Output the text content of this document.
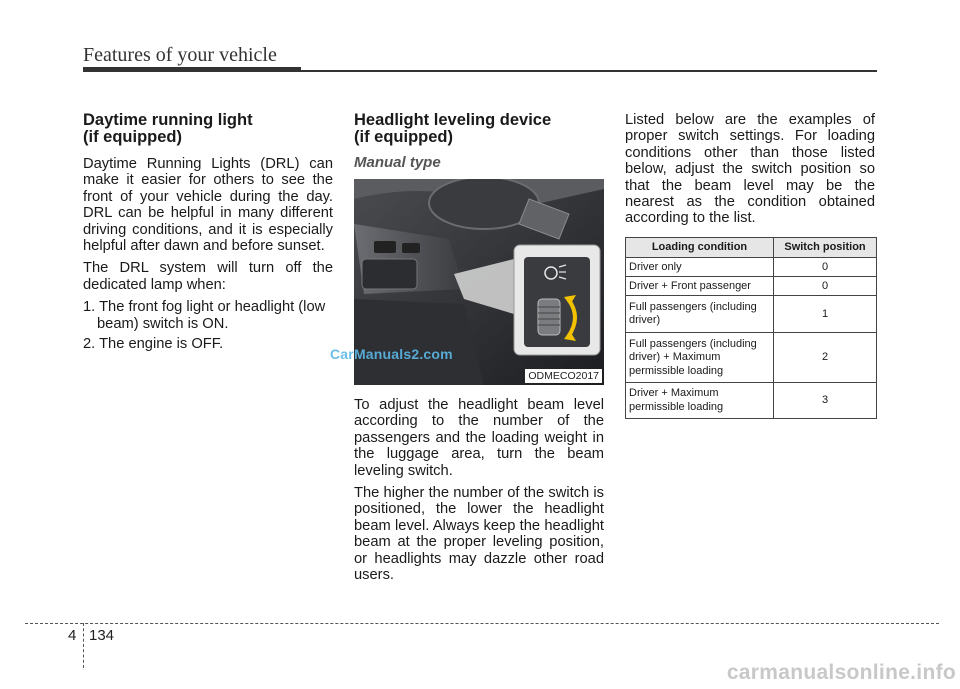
Features of your vehicle
Daytime running light
(if equipped)

Daytime Running Lights (DRL) can make it easier for others to see the front of your vehicle during the day. DRL can be helpful in many different driving conditions, and it is especially helpful after dawn and before sunset.

The DRL system will turn off the dedicated lamp when:

1. The front fog light or headlight (low beam) switch is ON.
2. The engine is OFF.
Headlight leveling device
(if equipped)
Manual type
ODMECO2017

To adjust the headlight beam level according to the number of the passengers and the loading weight in the luggage area, turn the beam leveling switch.

The higher the number of the switch is positioned, the lower the headlight beam level. Always keep the headlight beam at the proper leveling position, or headlights may dazzle other road users.

CarManuals2.com

Listed below are the examples of proper switch settings. For loading conditions other than those listed below, adjust the switch position so that the beam level may be the nearest as the condition obtained according to the list.

Loading condition	Switch position
Driver only	0
Driver + Front passenger	0
Full passengers (including driver)	1
Full passengers (including driver) + Maximum permissible loading	2
Driver + Maximum permissible loading	3
4 134
carmanualsonline.info
